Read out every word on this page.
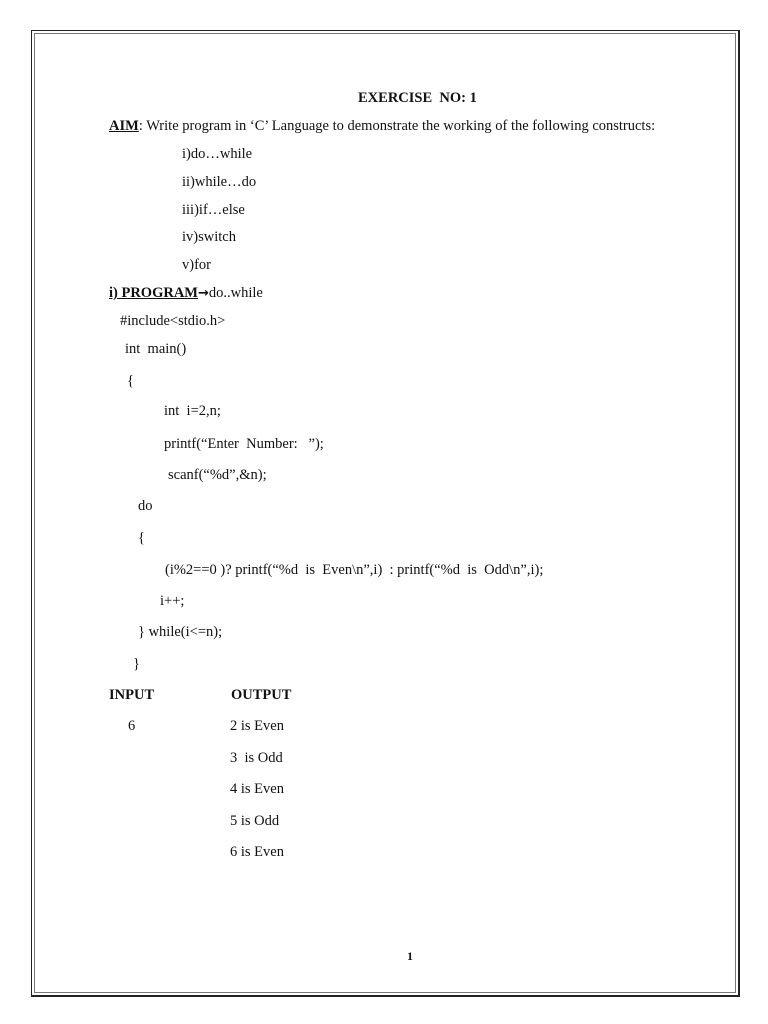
EXERCISE  NO: 1
AIM: Write program in ‘C’ Language to demonstrate the working of the following constructs:
i)do…while
ii)while…do
iii)if…else
iv)switch
v)for
i) PROGRAM→do..while
#include<stdio.h>
int  main()
{
int  i=2,n;
printf(“Enter  Number:   ”);
scanf(“%d”,&n);
do
{
(i%2==0 )? printf(“%d  is  Even\n”,i)  : printf(“%d  is  Odd\n”,i);
i++;
} while(i<=n);
}
INPUT	OUTPUT
6	2 is Even
3  is Odd
4 is Even
5 is Odd
6 is Even
1
